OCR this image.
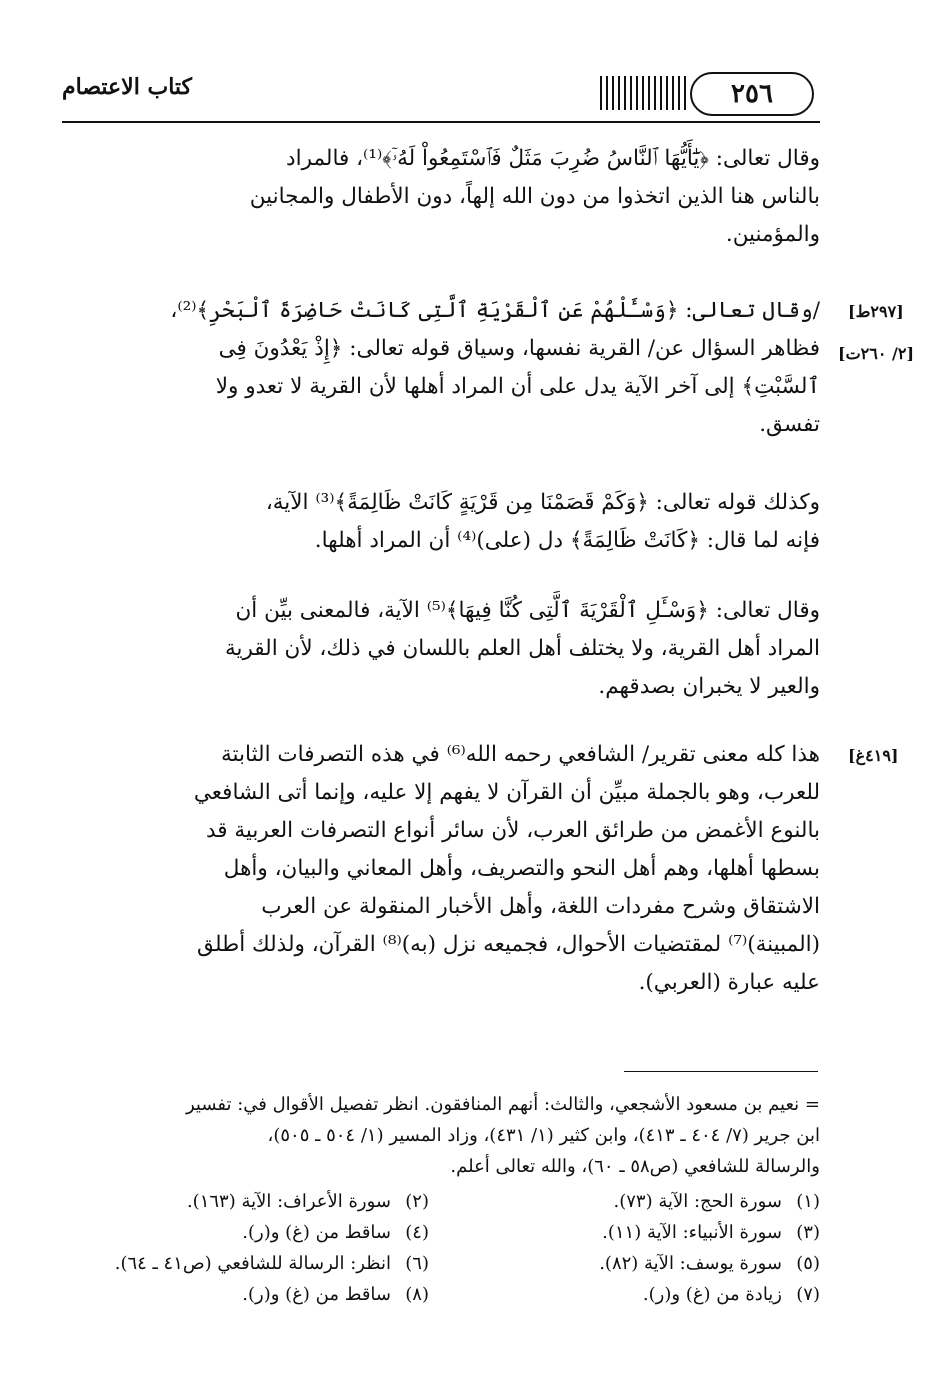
كتاب الاعتصام	٢٥٦

وقال تعالى: ﴿يَٰٓأَيُّهَا ٱلنَّاسُ ضُرِبَ مَثَلٌ فَٱسْتَمِعُواْ لَهُۥٓ﴾⁽¹⁾، فالمراد

بالناس هنا الذين اتخذوا من دون الله إلهاً، دون الأطفال والمجانين

والمؤمنين.

/وقال تعالى: ﴿وَسْـَٔلْهُمْ عَنِ ٱلْقَرْيَةِ ٱلَّتِى كَانَتْ حَاضِرَةَ ٱلْبَحْرِ﴾⁽²⁾،

فظاهر السؤال عن/ القرية نفسها، وسياق قوله تعالى: ﴿إِذْ يَعْدُونَ فِى

ٱلسَّبْتِ﴾ إلى آخر الآية يدل على أن المراد أهلها لأن القرية لا تعدو ولا

تفسق.

[٢٩٧ط]
[٢/ ٢٦٠ت]

وكذلك قوله تعالى: ﴿وَكَمْ قَصَمْنَا مِن قَرْيَةٍ كَانَتْ ظَالِمَةً﴾⁽³⁾ الآية،

فإنه لما قال: ﴿كَانَتْ ظَالِمَةً﴾ دل (على)⁽⁴⁾ أن المراد أهلها.

وقال تعالى: ﴿وَسْـَٔلِ ٱلْقَرْيَةَ ٱلَّتِى كُنَّا فِيهَا﴾⁽⁵⁾ الآية، فالمعنى بيِّن أن

المراد أهل القرية، ولا يختلف أهل العلم باللسان في ذلك، لأن القرية

والعير لا يخبران بصدقهم.

هذا كله معنى تقرير/ الشافعي رحمه الله⁽⁶⁾ في هذه التصرفات الثابتة

للعرب، وهو بالجملة مبيِّن أن القرآن لا يفهم إلا عليه، وإنما أتى الشافعي

بالنوع الأغمض من طرائق العرب، لأن سائر أنواع التصرفات العربية قد

بسطها أهلها، وهم أهل النحو والتصريف، وأهل المعاني والبيان، وأهل

الاشتقاق وشرح مفردات اللغة، وأهل الأخبار المنقولة عن العرب

(المبينة)⁽⁷⁾ لمقتضيات الأحوال، فجميعه نزل (به)⁽⁸⁾ القرآن، ولذلك أطلق

عليه عبارة (العربي).

[٤١٩غ]
= نعيم بن مسعود الأشجعي، والثالث: أنهم المنافقون. انظر تفصيل الأقوال في: تفسير
ابن جرير (٧/ ٤٠٤ ـ ٤١٣)، وابن كثير (١/ ٤٣١)، وزاد المسير (١/ ٥٠٤ ـ ٥٠٥)،
والرسالة للشافعي (ص٥٨ ـ ٦٠)، والله تعالى أعلم.
(١)سورة الحج: الآية (٧٣).
(٢)سورة الأعراف: الآية (١٦٣).
(٣)سورة الأنبياء: الآية (١١).
(٤)ساقط من (غ) و(ر).
(٥)سورة يوسف: الآية (٨٢).
(٦)انظر: الرسالة للشافعي (ص٤١ ـ ٦٤).
(٧)زيادة من (غ) و(ر).
(٨)ساقط من (غ) و(ر).
